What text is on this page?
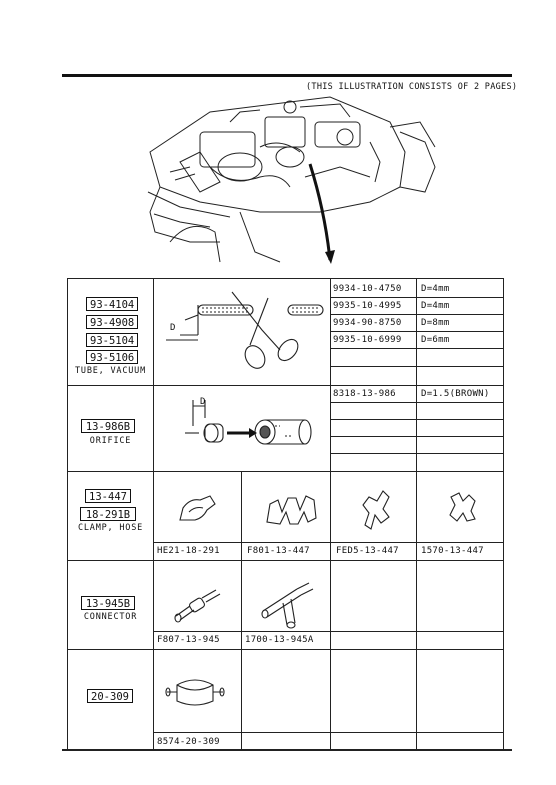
(THIS ILLUSTRATION CONSISTS OF 2 PAGES)
93-4104
93-4908
93-5104
93-5106
TUBE, VACUUM
D
9934-10-4750 D=4mm
9935-10-4995 D=4mm
9934-90-8750 D=8mm
9935-10-6999 D=6mm
13-986B
ORIFICE
D
8318-13-986	D=1.5(BROWN)
13-447
18-291B
CLAMP, HOSE
HE21-18-291	F801-13-447	FED5-13-447 1570-13-447
13-945B
CONNECTOR
F807-13-945	1700-13-945A
20-309
8574-20-309
